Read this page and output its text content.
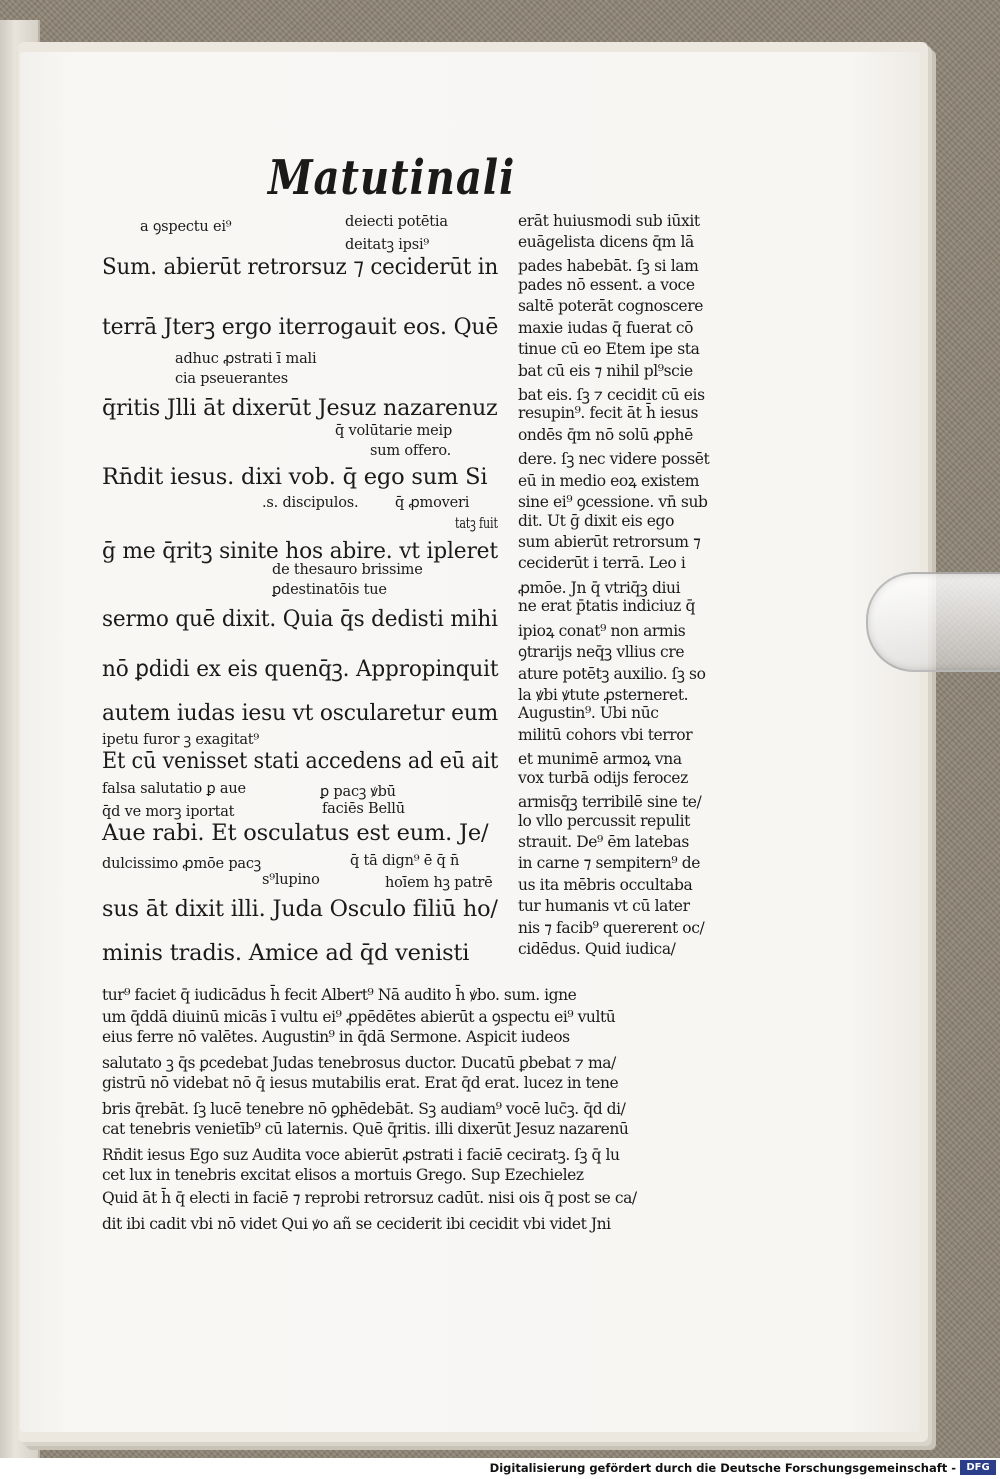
Matutinali
a ꝯspectu ei⁹	deiecti potētia
deitatꝫ ipsi⁹
Sum. abierūt retrorsuz ⁊ ceciderūt in
terrā Jterꝫ ergo iterrogauit eos. Quē
adhuc ꝓstrati ī mali
cia pseuerantes
q̄ritis Jlli āt dixerūt Jesuz nazarenuz
q̄ volūtarie meip
sum offero.
Rn̄dit iesus. dixi vob. q̄ ego sum Si
.s. discipulos.	q̄ ꝓmoveri
tatꝫ fuit
ḡ me q̄ritꝫ sinite hos abire. vt ipleret
de thesauro brissime
ꝑdestinatōis tue
sermo quē dixit. Quia q̄s dedisti mihi
nō ꝑdidi ex eis quenq̄ꝫ. Appropinquit
autem iudas iesu vt oscularetur eum
ipetu furor ꝫ exagitat⁹
Et cū venisset stati accedens ad eū ait
falsa salutatio ꝑ aue	ꝑ pacꝫ ꝟbū
q̄d ve morꝫ iportat	faciēs Bellū
Aue rabi. Et osculatus est eum. Je/
dulcissimo ꝓmōe pacꝫ	q̄ tā dign⁹ ē q̄ n̄
s⁹lupino	hoīem hꝫ patrē
sus āt dixit illi. Juda Osculo filiū ho/
minis tradis. Amice ad q̄d venisti
erāt huiusmodi sub iūxit
euāgelista dicens q̄m lā
pades habebāt. ſꝫ si lam
pades nō essent. a voce
saltē poterāt cognoscere
maxie iudas q̄ fuerat cō
tinue cū eo Etem ipe sta
bat cū eis ⁊ nihil pl⁹scie
bat eis. ſꝫ ⁊ cecidit cū eis
resupin⁹. fecit āt h̄ iesus
ondēs q̄m nō solū ꝓphē
dere. ſꝫ nec videre possēt
eū in medio eoꝝ existem
sine ei⁹ ꝯcessione. vn̄ sub
dit. Ut ḡ dixit eis ego
sum abierūt retrorsum ⁊
ceciderūt i terrā. Leo i
ꝓmōe. Jn q̄ vtriq̄ꝫ diui
ne erat p̄tatis indiciuz q̄
ipioꝝ conat⁹ non armis
ꝯtrarijs neq̄ꝫ vllius cre
ature potētꝫ auxilio. ſꝫ so
la ꝟbi ꝟtute ꝓsterneret.
Augustin⁹. Ubi nūc
militū cohors vbi terror
et munimē armoꝝ vna
vox turbā odijs ferocez
armisq̄ꝫ terribilē sine te/
lo vllo percussit repulit
strauit. De⁹ ēm latebas
in carne ⁊ sempitern⁹ de
us ita mēbris occultaba
tur humanis vt cū later
nis ⁊ facib⁹ quererent oc/
cidēdus. Quid iudica/
tur⁹ faciet q̄ iudicādus h̄ fecit Albert⁹ Nā audito h̄ ꝟbo. sum. igne
um q̄ddā diuinū micās ī vultu ei⁹ ꝓpēdētes abierūt a ꝯspectu ei⁹ vultū
eius ferre nō valētes. Augustin⁹ in q̄dā Sermone. Aspicit iudeos
salutato ꝫ q̄s ꝑcedebat Judas tenebrosus ductor. Ducatū ꝑbebat ⁊ ma/
gistrū nō videbat nō q̄ iesus mutabilis erat. Erat q̄d erat. lucez in tene
bris q̄rebāt. ſꝫ lucē tenebre nō ꝯꝑhēdebāt. Sꝫ audiam⁹ vocē luc̄ꝫ. q̄d di/
cat tenebris venietīb⁹ cū laternis. Quē q̄ritis. illi dixerūt Jesuz nazarenū
Rn̄dit iesus Ego suz Audita voce abierūt ꝓstrati i faciē ceciratꝫ. ſꝫ q̄ lu
cet lux in tenebris excitat elisos a mortuis Grego. Sup Ezechielez
Quid āt h̄ q̄ electi in faciē ⁊ reprobi retrorsuz cadūt. nisi ois q̄ post se ca/
dit ibi cadit vbi nō videt Qui ꝟo añ se ceciderit ibi cecidit vbi videt Jni
Digitalisierung gefördert durch die Deutsche Forschungsgemeinschaft -	DFG
